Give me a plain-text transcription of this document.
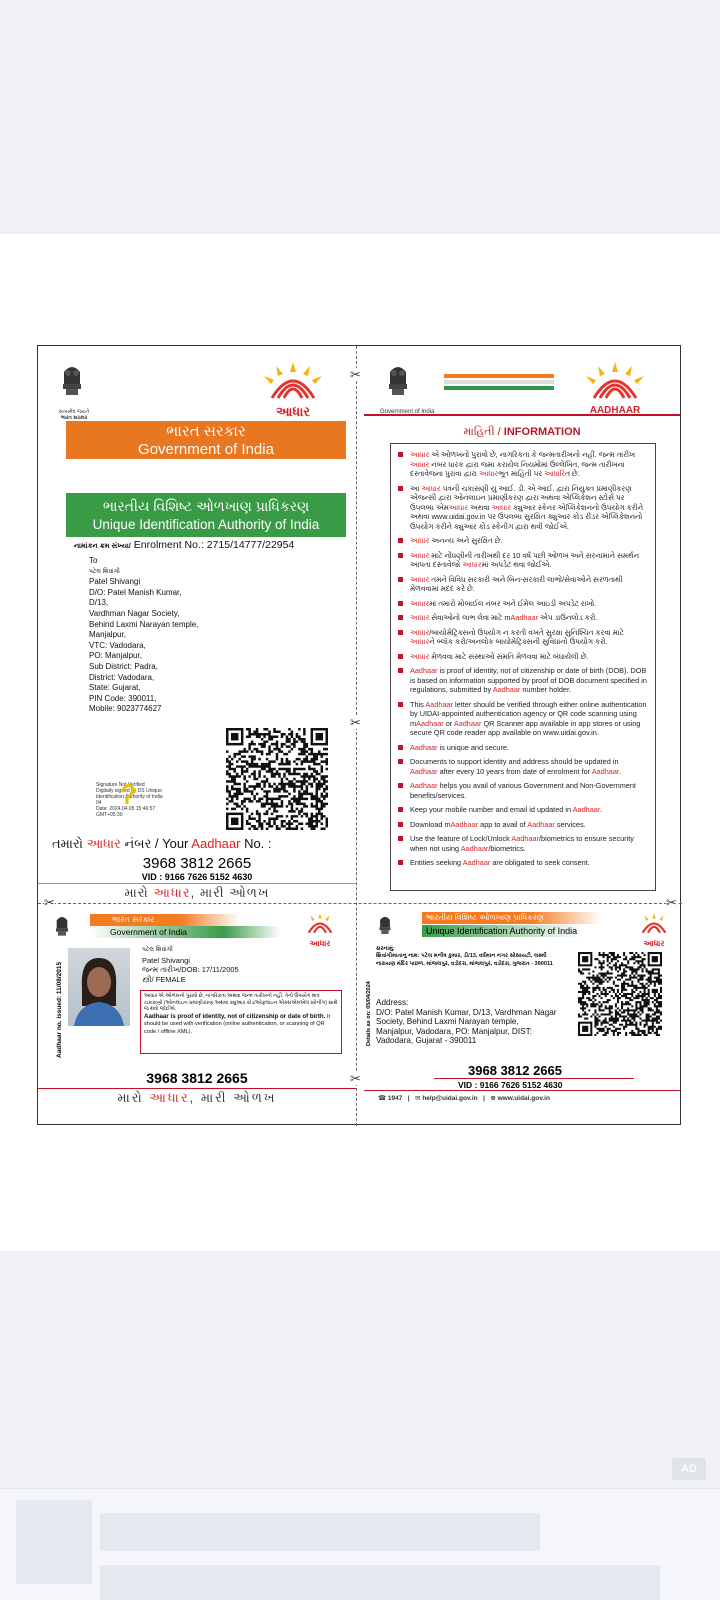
સત્યમેવ જયતે
ભારત સરકાર	આધાર
ભારત સરકાર
Government of India
ભારતીય વિશિષ્ટ ઓળખાણ પ્રાધિકરણ
Unique Identification Authority of India
નામાંકન ક્રમ સંખ્યા/ Enrolment No.: 2715/14777/22954
To
પટેલ શિવાંગી
Patel Shivangi
D/O: Patel Manish Kumar,
D/13,
Vardhman Nagar Society,
Behind Laxmi Narayan temple,
Manjalpur,
VTC: Vadodara,
PO: Manjalpur,
Sub District: Padra,
District: Vadodara,
State: Gujarat,
PIN Code: 390011,
Mobile: 9023774627
Signature Not Verified
Digitally signed by DS Unique Identification Authority of India 04
Date: 2024.04.05 15:46:57
GMT+05:30
તમારો આધાર નંબર / Your Aadhaar No. :
3968 3812 2665
VID : 9166 7626 5152 4630
મારો આધાર, મારી ઓળખ
✂
✂
✂
Government of India	AADHAAR
માહિતી / INFORMATION
આધાર એ ઓળખનો પુરાવો છે, નાગરિકતા કે જન્મતારીખનો નહીં. જન્મ તારીખ આધાર નંબર ધારક દ્વારા જમા કરાયેલ નિયમોમાં ઉલ્લેખિત, જન્મ તારીખના દસ્તાવેજના પુરાવા દ્વારા આધારભૂત માહિતી પર આધારિત છે.
આ આધાર પત્રની ચકાસણી યુ આઈ. ડી. એ આઈ. દ્વારા નિયુક્ત પ્રમાણીકરણ એજન્સી દ્વારા ઓનલાઇન પ્રમાણીકરણ દ્વારા અથવા એપ્લિકેશન સ્ટોર્સ પર ઉપલબ્ધ એમઆધાર અથવા આધાર ક્યુઆર સ્કેનર એપ્લિકેશનનો ઉપયોગ કરીને અથવા www.uidai.gov.in પર ઉપલબ્ધ સુરક્ષિત ક્યુઆર કોડ રીડર એપ્લિકેશનનો ઉપયોગ કરીને ક્યુઆર કોડ સ્કેનીંગ દ્વારા થવી જોઈએ.
આધાર અનન્ય અને સુરક્ષિત છે.
આધાર માટે નોંધણીની તારીખથી દર 10 વર્ષ પછી ઓળખ અને સરનામાને સમર્થન આપતા દસ્તાવેજો આધારમાં અપડેટ થવા જોઈએ.
આધાર તમને વિવિધ સરકારી અને બિન-સરકારી લાભો/સેવાઓને સરળતાથી મેળવવામાં મદદ કરે છે.
આધારમાં તમારો મોબાઈલ નંબર અને ઈમેલ આઇડી અપડેટ રાખો.
આધાર સેવાઓનો લાભ લેવા માટે mAadhaar એપ ડાઉનલોડ કરો.
આધાર/બાયોમેટ્રિક્સનો ઉપયોગ ન કરતી વખતે સુરક્ષા સુનિશ્ચિત કરવા માટે આધારને બ્લૉક કરો/અનલોક બાયોમેટ્રિક્સની સુવિધાનો ઉપયોગ કરો.
આધાર મેળવવા માટે સંસ્થાઓ સંમતિ મેળવવા માટે બંધાયેલી છે.
Aadhaar is proof of identity, not of citizenship or date of birth (DOB). DOB is based on information supported by proof of DOB document specified in regulations, submitted by Aadhaar number holder.
This Aadhaar letter should be verified through either online authentication by UIDAI-appointed authentication agency or QR code scanning using mAadhaar or Aadhaar QR Scanner app available in app stores or using secure QR code reader app available on www.uidai.gov.in.
Aadhaar is unique and secure.
Documents to support identity and address should be updated in Aadhaar after every 10 years from date of enrolment for Aadhaar.
Aadhaar helps you avail of various Government and Non-Government benefits/services.
Keep your mobile number and email id updated in Aadhaar.
Download mAadhaar app to avail of Aadhaar services.
Use the feature of Lock/Unlock Aadhaar/biometrics to ensure security when not using Aadhaar/biometrics.
Entities seeking Aadhaar are obligated to seek consent.
✂	✂
ભારત સરકાર
Government of India
આધાર
Aadhaar no. issued: 11/08/2015
પટેલ શિવાંગી
Patel Shivangi
જન્મ તારીખ/DOB: 17/11/2005
સ્ત્રી/ FEMALE
આધાર એ ઓળખનો પુરાવો છે, નાગરિકતા અથવા જન્મ તારીખનો નહીં. તેનો ઉપયોગ માત્ર ચકાસણી (ઓનલાઇન પ્રમાણીકરણ અથવા ક્યુઆર કોડ/ઓફલાઇન એક્સએમએલ સ્કેનીંગ) સાથે જ થવો જોઈએ.
Aadhaar is proof of identity, not of citizenship or date of birth. It should be used with verification (online authentication, or scanning of QR code / offline XML).
3968 3812 2665
મારો આધાર, મારી ઓળખ
ભારતીય વિશિષ્ટ ઓળખાણ પ્રાધિકરણ
Unique Identification Authority of India
આધાર
Details as on: 05/04/2024
સરનામું:
શિવાંગીમાતાનુ નામ: પટેલ મનીષ કુમાર, ડી/13, વર્ધમાન નગર સોસાયટી, લક્ષ્મી નારાયણ મંદિર પાછળ, માંજલપુર, વડોદરા, માંજલપુર, વડોદરા, ગુજરાત - 390011
Address:
D/O: Patel Manish Kumar, D/13, Vardhman Nagar Society, Behind Laxmi Narayan temple, Manjalpur, Vadodara, PO: Manjalpur, DIST: Vadodara, Gujarat - 390011
3968 3812 2665
VID : 9166 7626 5152 4630
☎ 1947   |   ✉ help@uidai.gov.in   |   ⊕ www.uidai.gov.in
AD
